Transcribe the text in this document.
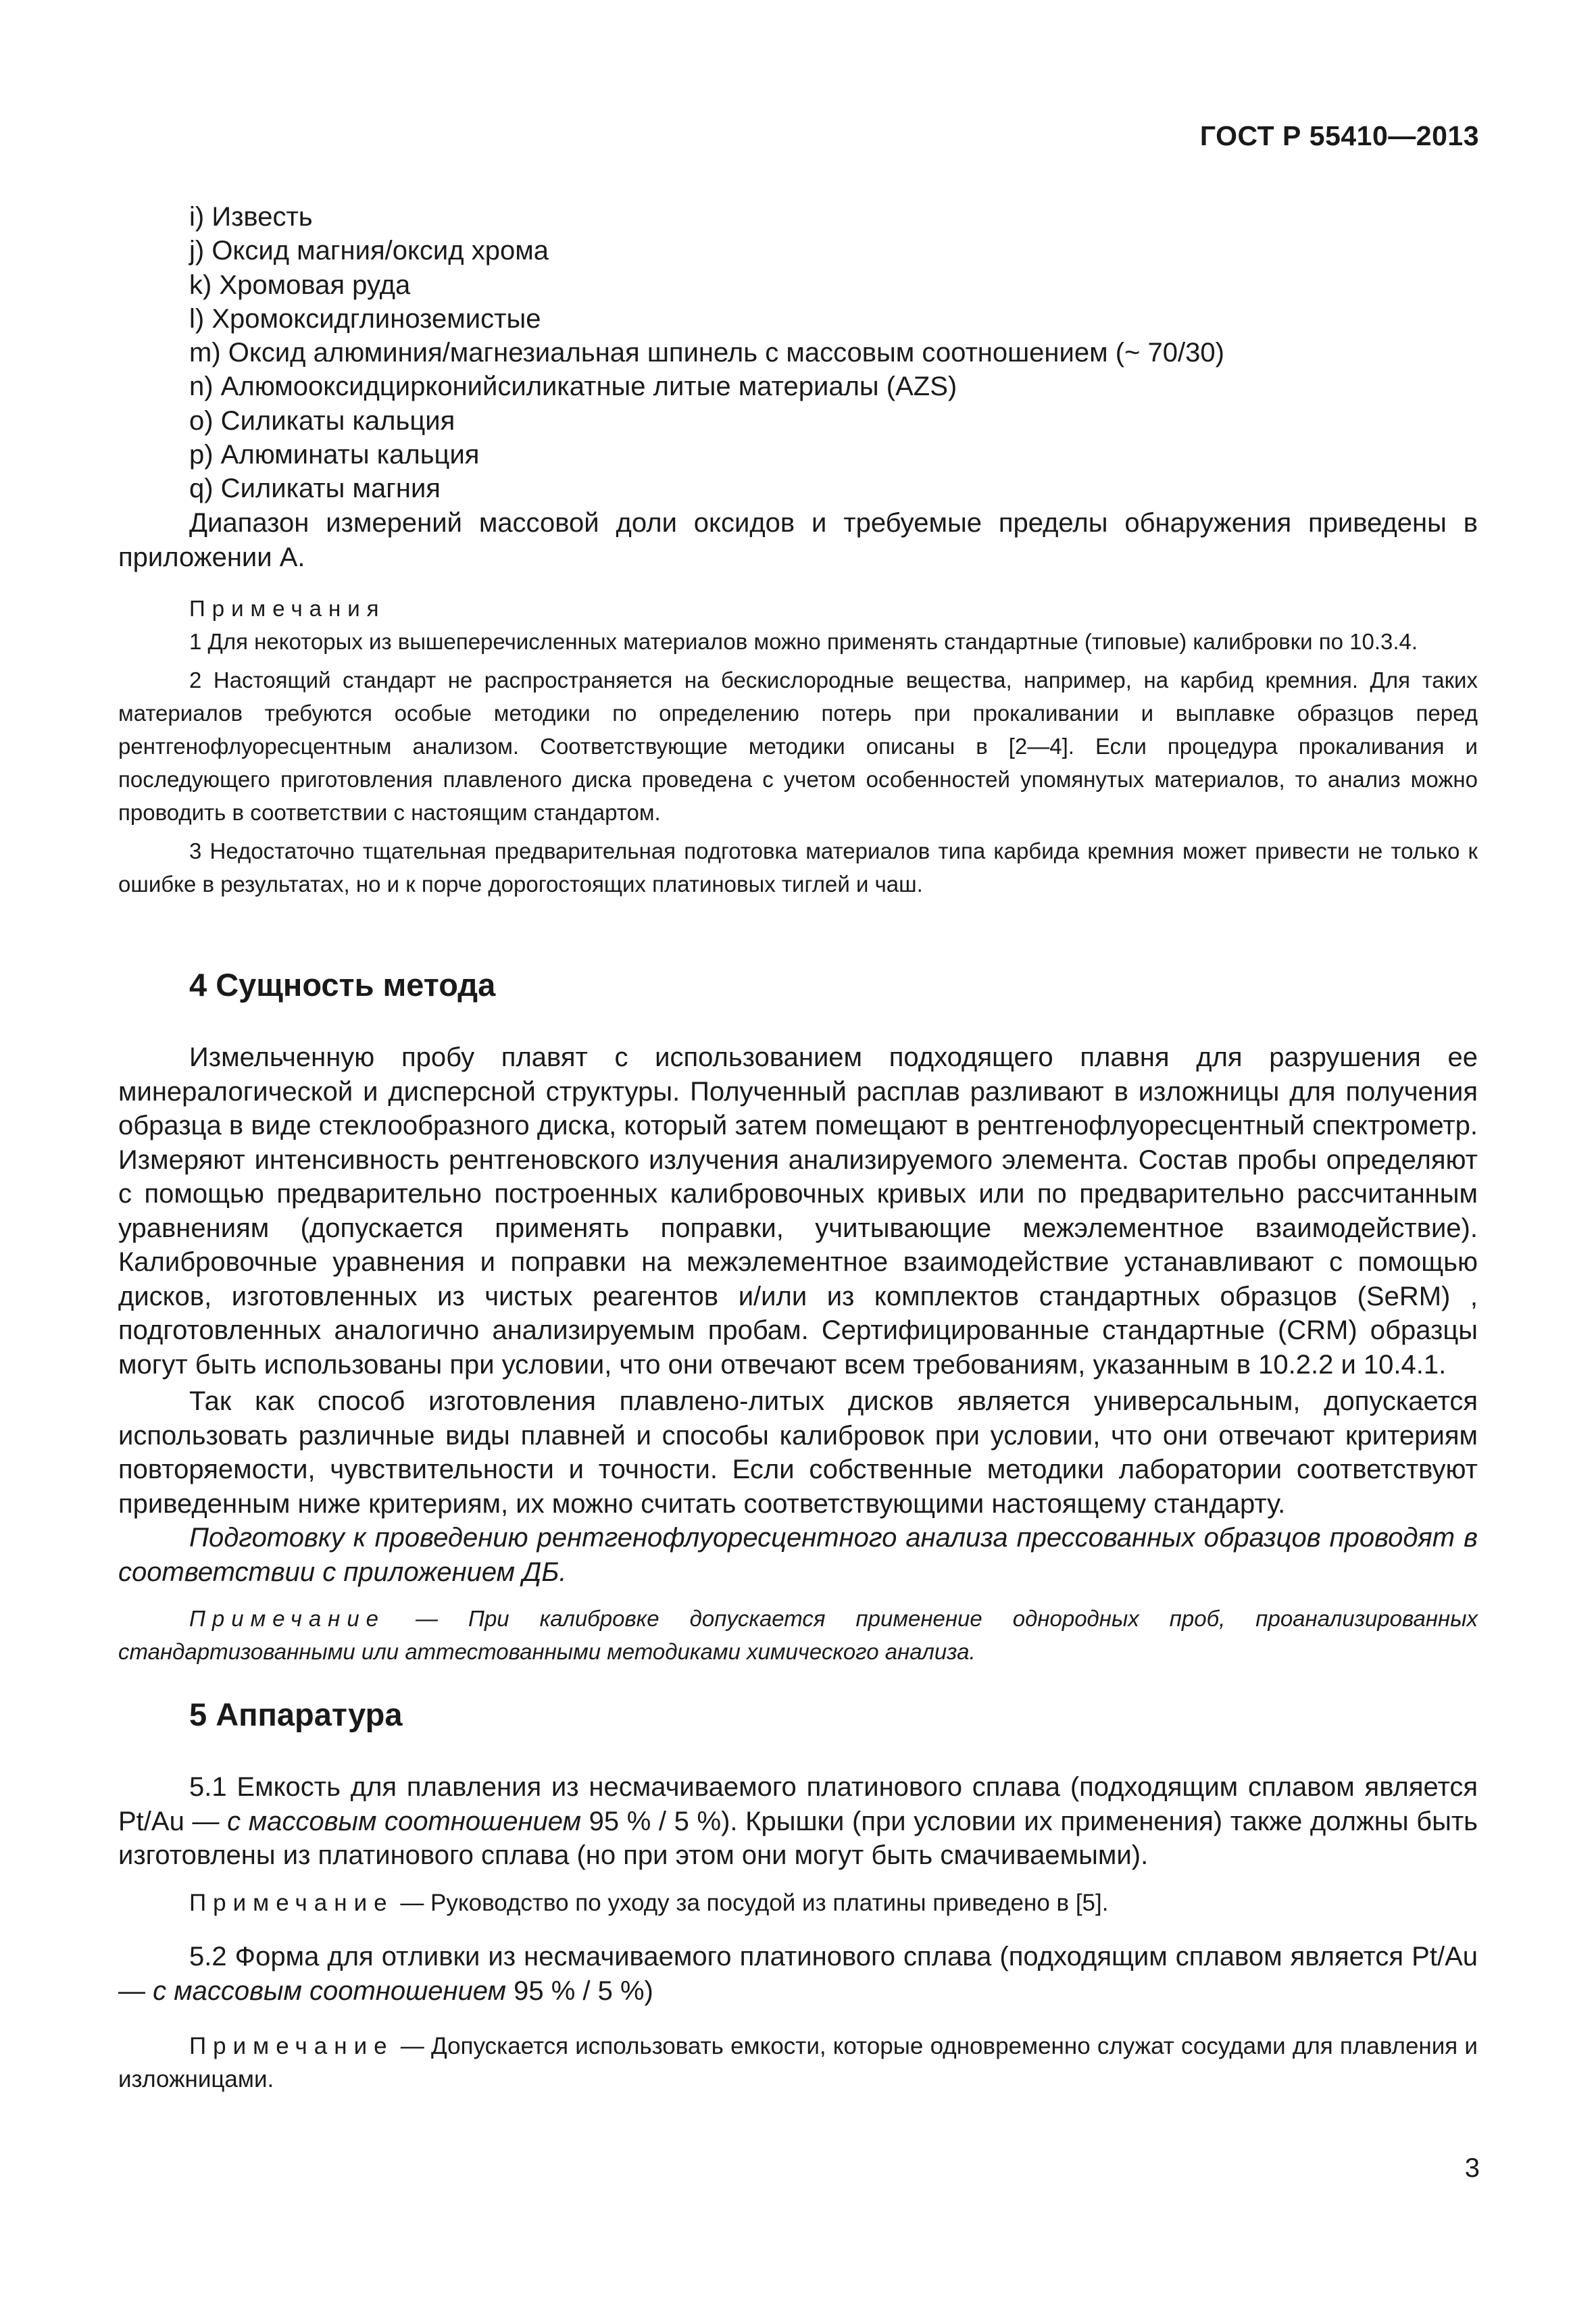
ГОСТ Р 55410—2013
i) Известь
j) Оксид магния/оксид хрома
k) Хромовая руда
l) Хромоксидглиноземистые
m) Оксид алюминия/магнезиальная шпинель с массовым соотношением (~ 70/30)
n) Алюмооксидцирконийсиликатные литые материалы (AZS)
o) Силикаты кальция
p) Алюминаты кальция
q) Силикаты магния
Диапазон измерений массовой доли оксидов и требуемые пределы обнаружения приведены в приложении А.
Примечания
1 Для некоторых из вышеперечисленных материалов можно применять стандартные (типовые) калибровки по 10.3.4.
2 Настоящий стандарт не распространяется на бескислородные вещества, например, на карбид кремния. Для таких материалов требуются особые методики по определению потерь при прокаливании и выплавке образцов перед рентгенофлуоресцентным анализом. Соответствующие методики описаны в [2—4]. Если процедура прокаливания и последующего приготовления плавленого диска проведена с учетом особенностей упомянутых материалов, то анализ можно проводить в соответствии с настоящим стандартом.
3 Недостаточно тщательная предварительная подготовка материалов типа карбида кремния может привести не только к ошибке в результатах, но и к порче дорогостоящих платиновых тиглей и чаш.
4 Сущность метода
Измельченную пробу плавят с использованием подходящего плавня для разрушения ее минералогической и дисперсной структуры. Полученный расплав разливают в изложницы для получения образца в виде стеклообразного диска, который затем помещают в рентгенофлуоресцентный спектрометр. Измеряют интенсивность рентгеновского излучения анализируемого элемента. Состав пробы определяют с помощью предварительно построенных калибровочных кривых или по предварительно рассчитанным уравнениям (допускается применять поправки, учитывающие межэлементное взаимодействие). Калибровочные уравнения и поправки на межэлементное взаимодействие устанавливают с помощью дисков, изготовленных из чистых реагентов и/или из комплектов стандартных образцов (SeRM) , подготовленных аналогично анализируемым пробам. Сертифицированные стандартные (CRM) образцы могут быть использованы при условии, что они отвечают всем требованиям, указанным в 10.2.2 и 10.4.1.
Так как способ изготовления плавлено-литых дисков является универсальным, допускается использовать различные виды плавней и способы калибровок при условии, что они отвечают критериям повторяемости, чувствительности и точности. Если собственные методики лаборатории соответствуют приведенным ниже критериям, их можно считать соответствующими настоящему стандарту.
Подготовку к проведению рентгенофлуоресцентного анализа прессованных образцов проводят в соответствии с приложением ДБ.
Примечание — При калибровке допускается применение однородных проб, проанализированных стандартизованными или аттестованными методиками химического анализа.
5 Аппаратура
5.1 Емкость для плавления из несмачиваемого платинового сплава (подходящим сплавом является Pt/Au — с массовым соотношением 95 % / 5 %). Крышки (при условии их применения) также должны быть изготовлены из платинового сплава (но при этом они могут быть смачиваемыми).
Примечание — Руководство по уходу за посудой из платины приведено в [5].
5.2 Форма для отливки из несмачиваемого платинового сплава (подходящим сплавом является Pt/Au — с массовым соотношением 95 % / 5 %)
Примечание — Допускается использовать емкости, которые одновременно служат сосудами для плавления и изложницами.
3
